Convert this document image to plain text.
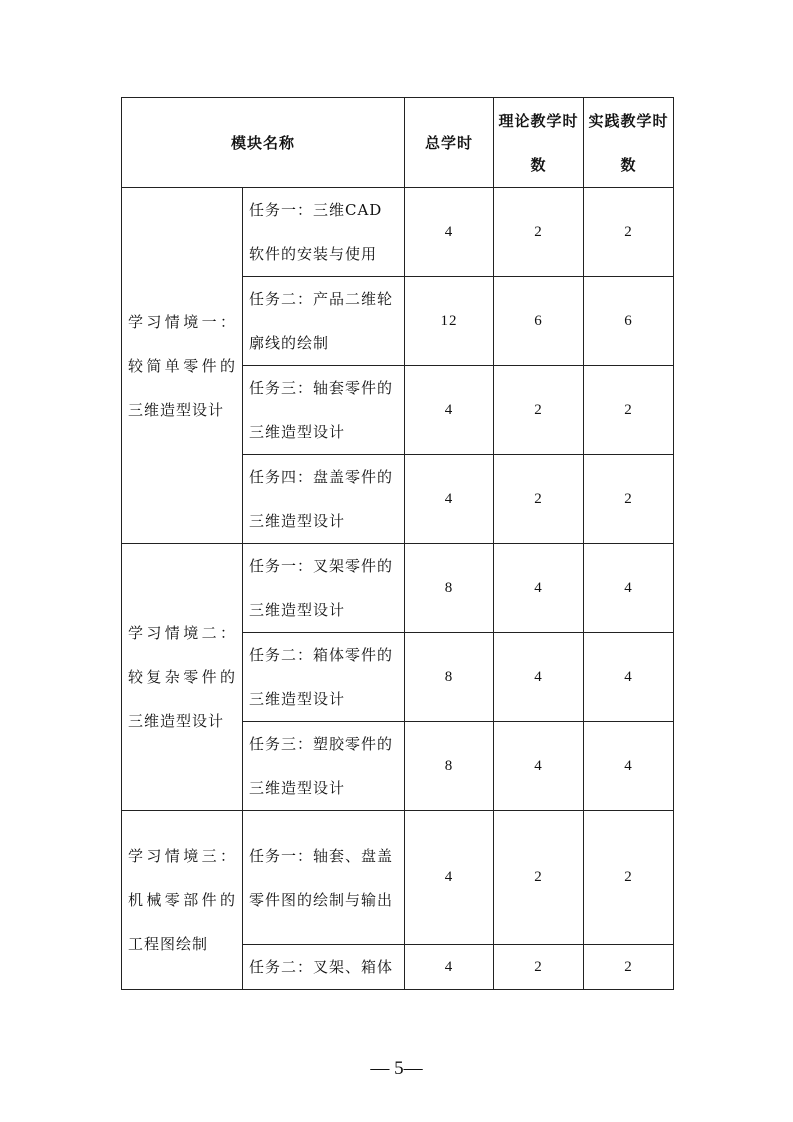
模块名称		总学时	理论教学时数	实践教学时数
学习情境一：较简单零件的三维造型设计	任务一：三维CAD软件的安装与使用	4	2	2
	任务二：产品二维轮廓线的绘制	12	6	6
	任务三：轴套零件的三维造型设计	4	2	2
	任务四：盘盖零件的三维造型设计	4	2	2
学习情境二：较复杂零件的三维造型设计	任务一：叉架零件的三维造型设计	8	4	4
	任务二：箱体零件的三维造型设计	8	4	4
	任务三：塑胶零件的三维造型设计	8	4	4
学习情境三：机械零部件的工程图绘制	任务一：轴套、盘盖零件图的绘制与输出	4	2	2
	任务二：叉架、箱体	4	2	2
— 5—
